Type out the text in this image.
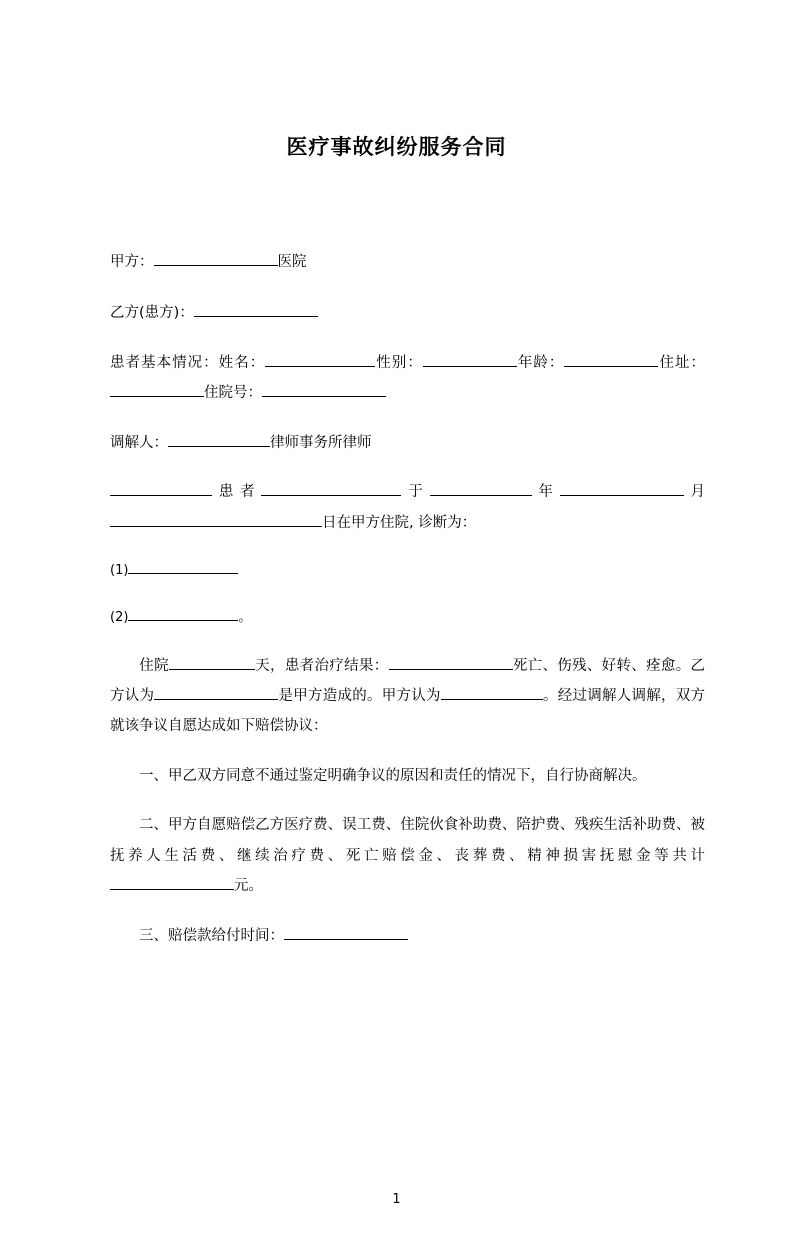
医疗事故纠纷服务合同

甲方：	医院

乙方(患方)：

患者基本情况：姓名：	性别：	年龄：	住址：住院号：

调解人：	律师事务所律师

患者	于	年	月日在甲方住院, 诊断为：

(1)

(2)	。

住院	天，患者治疗结果：	死亡、伤残、好转、痊愈。乙方认为	是甲方造成的。甲方认为	。经过调解人调解，双方就该争议自愿达成如下赔偿协议：

一、甲乙双方同意不通过鉴定明确争议的原因和责任的情况下，自行协商解决。

二、甲方自愿赔偿乙方医疗费、误工费、住院伙食补助费、陪护费、残疾生活补助费、被抚养人生活费、继续治疗费、死亡赔偿金、丧葬费、精神损害抚慰金等共计元。

三、赔偿款给付时间：

1
